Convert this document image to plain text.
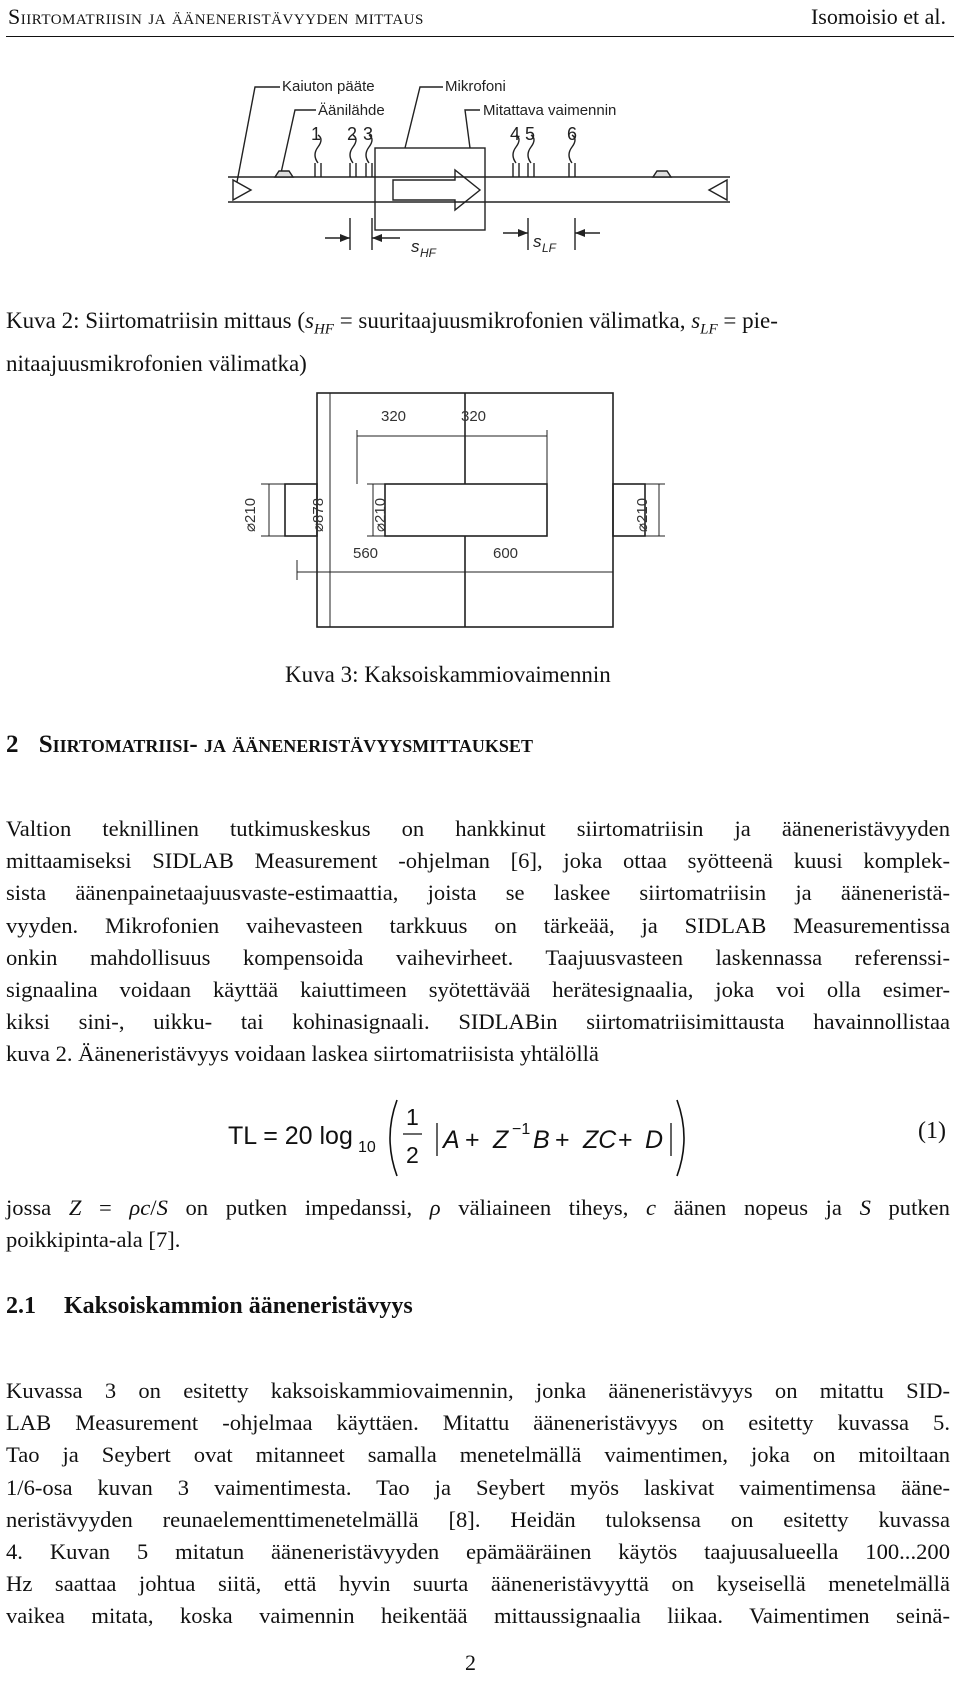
Siirtomatriisin ja ääneneristävyyden mittaus	Isomoisio et al.
Kaiuton pääte
Äänilähde
Mikrofoni
Mitattava vaimennin
1 2 3	4 5 6
s HF
s LF
Kuva 2: Siirtomatriisin mittaus ($s_{HF}$ = suuritaajuusmikrofonien välimatka, $s_{LF} = pie-$
nitaajuusmikrofonien välimatka)
320	320
560	600
⌀210	⌀878	⌀210	⌀210
Kuva 3: Kaksoiskammiovaimennin
2 Siirtomatriisi- ja ääneneristävyysmittaukset
Valtion teknillinen tutkimuskeskus on hankkinut siirtomatriisin ja ääneneristävyyden
mittaamiseksi SIDLAB Measurement -ohjelman [6], joka ottaa syötteenä kuusi komplek-
sista äänenpainetaajuusvaste-estimaattia, joista se laskee siirtomatriisin ja ääneneristä-
vyyden. Mikrofonien vaihevasteen tarkkuus on tärkeää, ja SIDLAB Measurementissa
onkin mahdollisuus kompensoida vaihevirheet. Taajuusvasteen laskennassa referenssi-
signaalina voidaan käyttää kaiuttimeen syötettävää herätesignaalia, joka voi olla esimer-
kiksi sini-, uikku- tai kohinasignaali. SIDLABin siirtomatriisimittausta havainnollistaa
kuva 2. Ääneneristävyys voidaan laskea siirtomatriisista yhtälöllä
TL = 20 log 10
1
2
A + Z −1 B + ZC + D	(1)
jossa Z = ρc/S on putken impedanssi, ρ väliaineen tiheys, c äänen nopeus ja S putken
poikkipinta-ala [7].
2.1 Kaksoiskammion ääneneristävyys
Kuvassa 3 on esitetty kaksoiskammiovaimennin, jonka ääneneristävyys on mitattu SID-
LAB Measurement -ohjelmaa käyttäen. Mitattu ääneneristävyys on esitetty kuvassa 5.
Tao ja Seybert ovat mitanneet samalla menetelmällä vaimentimen, joka on mitoiltaan
1/6-osa kuvan 3 vaimentimesta. Tao ja Seybert myös laskivat vaimentimensa äänе-
neristävyyden reunaelementtimenetelmällä [8]. Heidän tuloksensa on esitetty kuvassa
4. Kuvan 5 mitatun ääneneristävyyden epämääräinen käytös taajuusalueella 100...200
Hz saattaa johtua siitä, että hyvin suurta ääneneristävyyttä on kyseisellä menetelmällä
vaikea mitata, koska vaimennin heikentää mittaussignaalia liikaa. Vaimentimen seinä-
2
